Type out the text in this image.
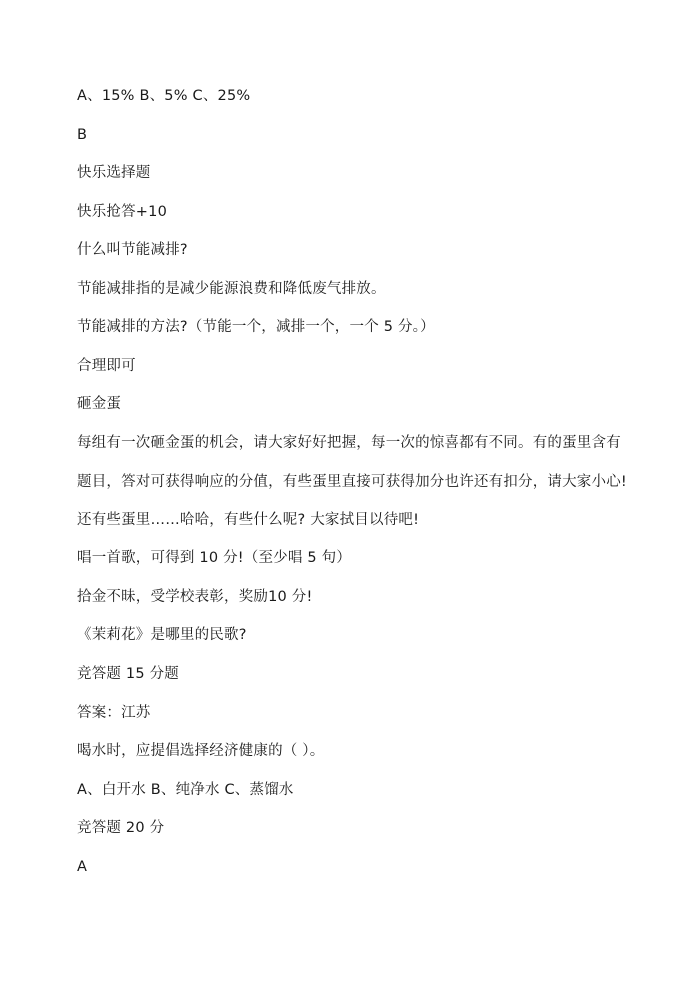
A、15% B、5% C、25%
B
快乐选择题
快乐抢答+10
什么叫节能减排?
节能减排指的是减少能源浪费和降低废气排放。
节能减排的方法?（节能一个，减排一个，一个 5 分。）
合理即可
砸金蛋
每组有一次砸金蛋的机会，请大家好好把握，每一次的惊喜都有不同。有的蛋里含有
题目，答对可获得响应的分值，有些蛋里直接可获得加分也许还有扣分，请大家小心!
还有些蛋里……哈哈，有些什么呢? 大家拭目以待吧!
唱一首歌，可得到 10 分!（至少唱 5 句）
拾金不昧，受学校表彰，奖励10 分!
《茉莉花》是哪里的民歌?
竞答题 15 分题
答案：江苏
喝水时，应提倡选择经济健康的（ ）。
A、白开水 B、纯净水 C、蒸馏水
竞答题 20 分
A
